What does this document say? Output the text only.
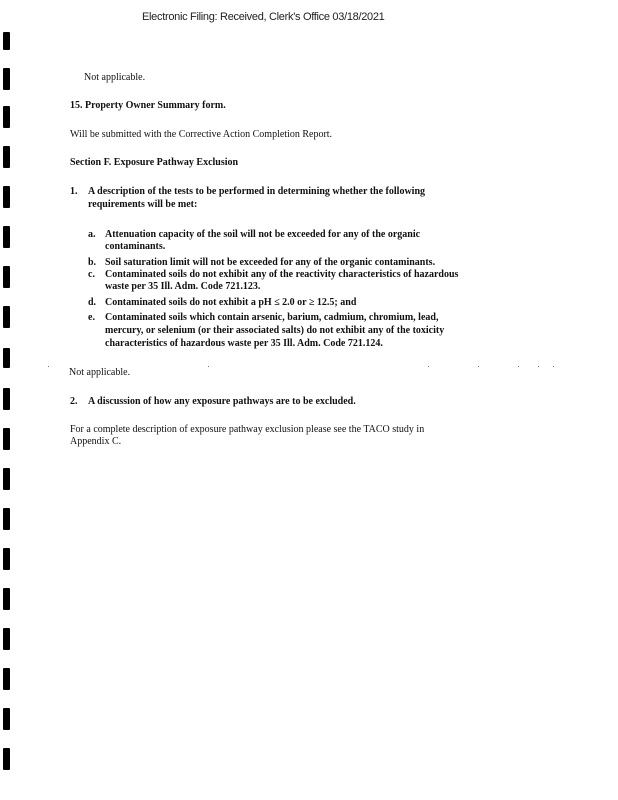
Electronic Filing: Received, Clerk's Office 03/18/2021
Not applicable.
15. Property Owner Summary form.
Will be submitted with the Corrective Action Completion Report.
Section F. Exposure Pathway Exclusion
1. A description of the tests to be performed in determining whether the following
requirements will be met:
a. Attenuation capacity of the soil will not be exceeded for any of the organic
contaminants.
b. Soil saturation limit will not be exceeded for any of the organic contaminants.
c. Contaminated soils do not exhibit any of the reactivity characteristics of hazardous
waste per 35 Ill. Adm. Code 721.123.
d. Contaminated soils do not exhibit a pH ≤ 2.0 or ≥ 12.5; and
e. Contaminated soils which contain arsenic, barium, cadmium, chromium, lead,
mercury, or selenium (or their associated salts) do not exhibit any of the toxicity
characteristics of hazardous waste per 35 Ill. Adm. Code 721.124.
Not applicable.
2. A discussion of how any exposure pathways are to be excluded.
For a complete description of exposure pathway exclusion please see the TACO study in
Appendix C.
